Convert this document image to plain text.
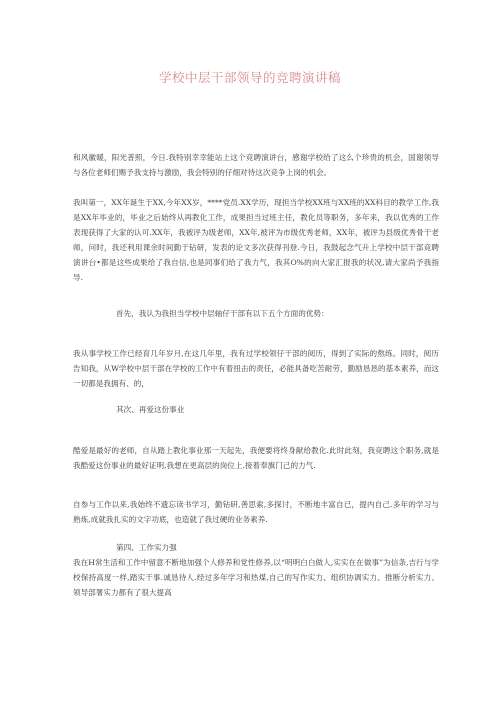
学校中层干部领导的竞聘演讲稿

和风徽暖，阳光普照，今日.我特别幸幸能站上这个竞聘演讲台，感谢学校给了这么个珍贵的机会，国谢领导与各位老师们赐予我支持与激励，我会特别的仔细对待这次竞争上岗的机会。

我叫第一，XX年诞生于XX,今年XX岁，****党员.XX学历，现担当学校XX班与XX班的XX科目的教学工作,我是XX年毕业的，毕业之后始终从再教化工作，成果担当过班主任，教化员等职务，多年来，我以优秀的工作表现获得了大家的认可.XX年，我被评为级老师，XX年,被评为市级优秀老师，XX年，被评为县级优秀骨干老师，问时，我还利用课余时间勤于钻研，发表的论文多次获得刊登.今日，我鼓起念气升上学校中层干部竞聘演讲台•都是这些成果给了我自信,也是同事们给了我力气，我其O%的向大家汇报我的状况,请大家尚予我指导.

首先，我认为我担当学校中层轴仔干部有以下五个方面的优势：

我从事学校工作已经育几年岁月,在这几年里，我有过学校领仔干部的阅历，得到了实际的熬练。同时，阅历告知我，从W学校中层干部在学校的工作中有着扭击的责任，必能具备吃苦耐劳，勤励恳恳的基本素养，而这一切都是我拥有、的，

其次、再爱这份事业

酷爱是最好的老师，自从踏上教化事业那一天起先，我便要将终身献给教化.此时此刻，我竞聘这个职务,就是我酷爱这份事业的最好证明,我想在更高层的岗位上.接着奉旗门己的力气.

自参与工作以来,我始终不遗忘读书学习，勤钻研,善思索,多探讨，不断地丰富自已，提内自己.多年的学习与熟炼,成就我扎实的文字功底，也造就了我过硬的业务素养.

第四、工作实力强

我在H常生活和工作中留意不断地加强个人修养和党性修养,以“明明白白做人,实实在在做事”为信条,吉行与学校保持高度一样,踏实干事.诚恳待人.经过多年学习和热煤,自己的写作实力、组织协调实力、推断分析实力、领导部署实力都有了很大提高
